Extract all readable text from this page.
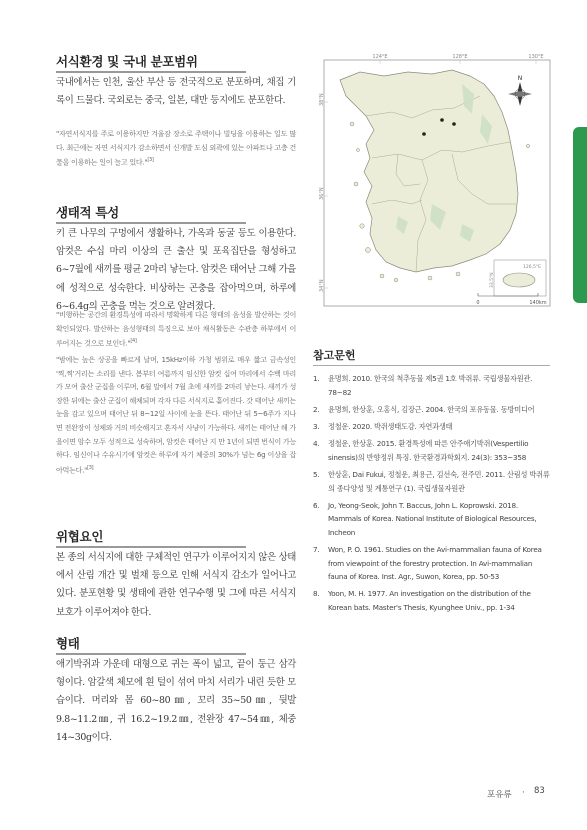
서식환경 및 국내 분포범위
국내에서는 인천, 울산 부산 등 전국적으로 분포하며, 채집 기록이 드물다. 국외로는 중국, 일본, 대만 등지에도 분포한다.
"자연서식지를 주로 이용하지만 겨울잠 장소로 주택이나 빌딩을 이용하는 일도 많다. 최근에는 자연 서식지가 감소하면서 신개발 도심 외곽에 있는 아파트나 고층 건물을 이용하는 일이 늘고 있다."[3]
생태적 특성
키 큰 나무의 구멍에서 생활하나, 가옥과 동굴 등도 이용한다. 암컷은 수십 마리 이상의 큰 출산 및 포육집단을 형성하고 6~7월에 새끼를 평균 2마리 낳는다. 암컷은 태어난 그해 가을에 성적으로 성숙한다. 비상하는 곤충을 잡아먹으며, 하루에 6~6.4g의 곤충을 먹는 것으로 알려졌다.
"비행하는 공간의 환경특성에 따라서 명확하게 다른 형태의 음성을 발산하는 것이 확인되었다. 발산하는 음성형태의 특징으로 보아 채식활동은 수관층 하부에서 이루어지는 것으로 보인다."[4]
"밤에는 높은 상공을 빠르게 날며, 15kHz이하 가청 범위로 매우 짧고 금속성인 '찍,찍'거리는 소리를 낸다. 봄부터 여름까지 임신한 암컷 십여 마리에서 수백 마리가 모여 출산 군집을 이루며, 6월 말에서 7월 초에 새끼를 2마리 낳는다. 새끼가 성장한 뒤에는 출산 군집이 해체되며 각자 다른 서식지로 흩어진다. 갓 태어난 새끼는 눈을 감고 있으며 태어난 뒤 8~12일 사이에 눈을 뜬다. 태어난 뒤 5~6주가 지나면 전완장이 성체와 거의 비슷해지고 혼자서 사냥이 가능하다. 새끼는 태어난 해 가을이면 암수 모두 성적으로 성숙하며, 암컷은 태어난 지 만 1년이 되면 번식이 가능하다. 임신이나 수유시기에 암컷은 하루에 자기 체중의 30%가 넘는 6g 이상을 잡아먹는다."[3]
위협요인
본 종의 서식지에 대한 구체적인 연구가 이루어지지 않은 상태에서 산림 개간 및 벌채 등으로 인해 서식지 감소가 일어나고 있다. 분포현황 및 생태에 관한 연구수행 및 그에 따른 서식지 보호가 이루어져야 한다.
형태
애기박쥐과 가운데 대형으로 귀는 폭이 넓고, 끝이 둥근 삼각형이다. 암갈색 체모에 흰 털이 섞여 마치 서리가 내린 듯한 모습이다. 머리와 몸 60~80㎜, 꼬리 35~50㎜, 뒷발 9.8~11.2㎜, 귀 16.2~19.2㎜, 전완장 47~54㎜, 체중 14~30g이다.
124°E	128°E	130°E
38°N
36°N
34°N
N
126.5°E
33.5°N
0	140km
참고문헌
1. 윤명희. 2010. 한국의 척추동물 제5권 1호 박쥐류. 국립생물자원관. 78~82
2. 윤명희, 한상훈, 오홍식, 김장근. 2004. 한국의 포유동물. 동방미디어
3. 정철운. 2020. 박쥐생태도감. 자연과생태
4. 정철운, 한상훈. 2015. 환경특성에 따른 안주애기박쥐(Vespertilio sinensis)의 반향정위 특징. 한국환경과학회지. 24(3): 353~358
5. 한상훈, Dai Fukui, 정철운, 최용근, 김선숙, 전주민. 2011. 산림성 박쥐류의 종다양성 및 계통연구 (1). 국립생물자원관
6. Jo, Yeong-Seok, John T. Baccus, John L. Koprowski. 2018. Mammals of Korea. National Institute of Biological Resources, Incheon
7. Won, P. O. 1961. Studies on the Avi-mammalian fauna of Korea from viewpoint of the forestry protection. In Avi-mammalian fauna of Korea. Inst. Agr., Suwon, Korea, pp. 50-53
8. Yoon, M. H. 1977. An investigation on the distribution of the Korean bats. Master's Thesis, Kyunghee Univ., pp. 1-34
포유류 · 83
